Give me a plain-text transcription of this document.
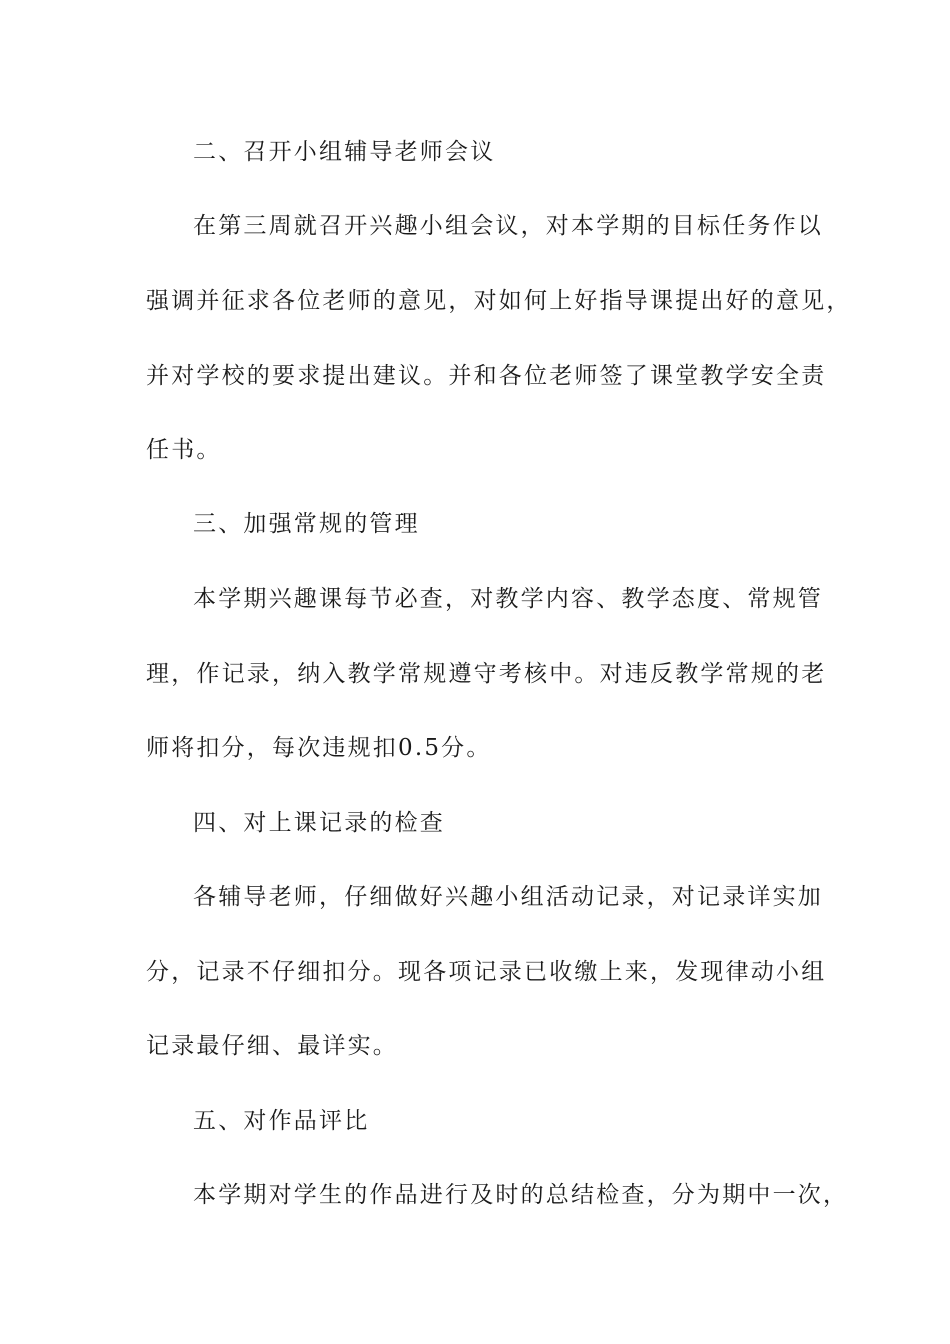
二、召开小组辅导老师会议
在第三周就召开兴趣小组会议，对本学期的目标任务作以
强调并征求各位老师的意见，对如何上好指导课提出好的意见，
并对学校的要求提出建议。并和各位老师签了课堂教学安全责
任书。
三、加强常规的管理
本学期兴趣课每节必查，对教学内容、教学态度、常规管
理，作记录，纳入教学常规遵守考核中。对违反教学常规的老
师将扣分，每次违规扣0.5分。
四、对上课记录的检查
各辅导老师，仔细做好兴趣小组活动记录，对记录详实加
分，记录不仔细扣分。现各项记录已收缴上来，发现律动小组
记录最仔细、最详实。
五、对作品评比
本学期对学生的作品进行及时的总结检查，分为期中一次，
